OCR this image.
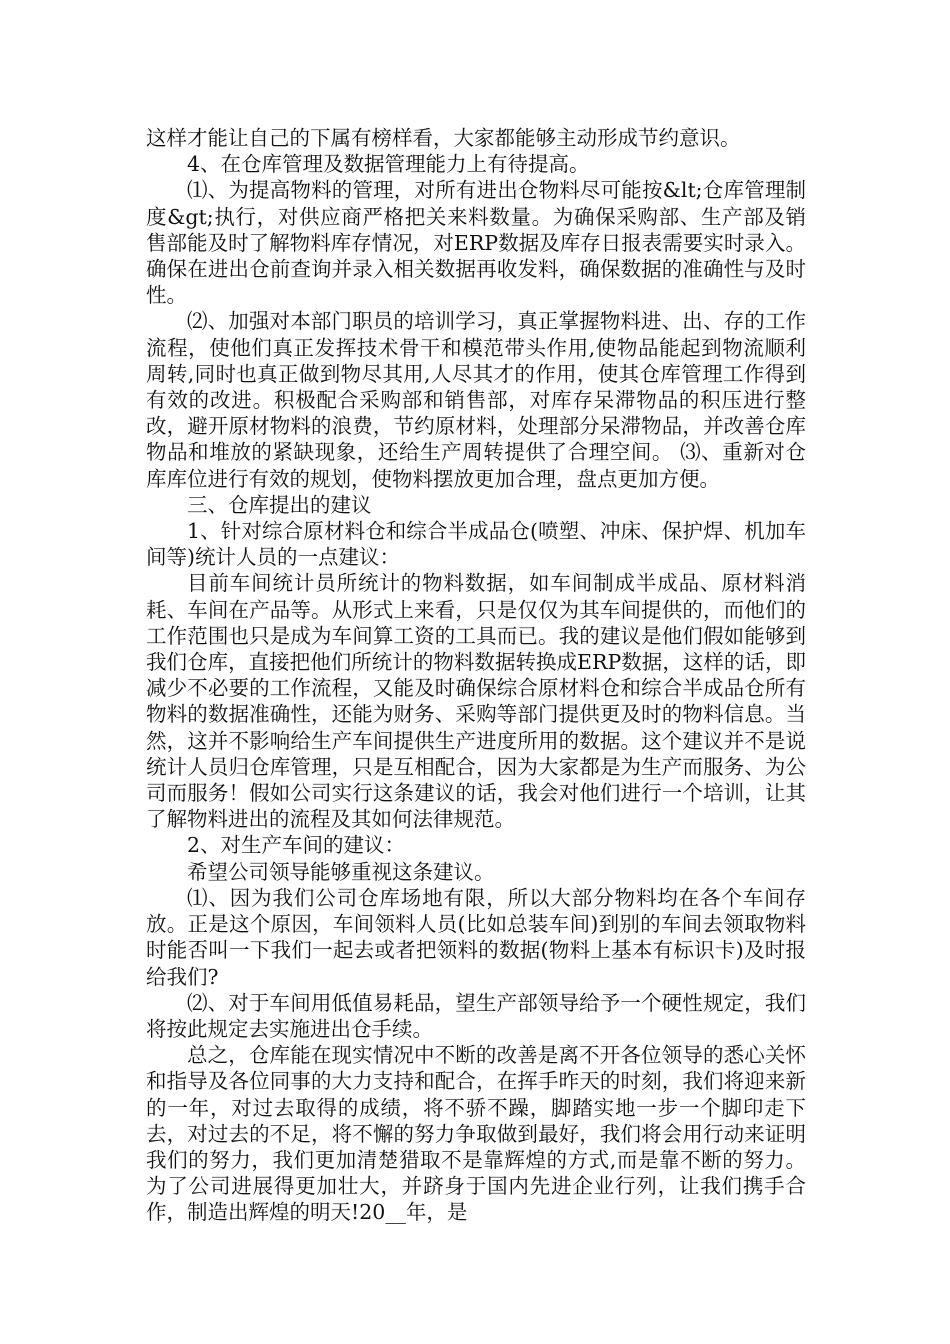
这样才能让自己的下属有榜样看，大家都能够主动形成节约意识。

4、在仓库管理及数据管理能力上有待提高。

⑴、为提高物料的管理，对所有进出仓物料尽可能按&lt;仓库管理制度&gt;执行，对供应商严格把关来料数量。为确保采购部、生产部及销售部能及时了解物料库存情况，对ERP数据及库存日报表需要实时录入。确保在进出仓前查询并录入相关数据再收发料，确保数据的准确性与及时性。

⑵、加强对本部门职员的培训学习，真正掌握物料进、出、存的工作流程，使他们真正发挥技术骨干和模范带头作用,使物品能起到物流顺利周转,同时也真正做到物尽其用,人尽其才的作用，使其仓库管理工作得到有效的改进。积极配合采购部和销售部，对库存呆滞物品的积压进行整改，避开原材物料的浪费，节约原材料，处理部分呆滞物品，并改善仓库物品和堆放的紧缺现象，还给生产周转提供了合理空间。 ⑶、重新对仓库库位进行有效的规划，使物料摆放更加合理，盘点更加方便。

三、仓库提出的建议

1、针对综合原材料仓和综合半成品仓(喷塑、冲床、保护焊、机加车间等)统计人员的一点建议：

目前车间统计员所统计的物料数据，如车间制成半成品、原材料消耗、车间在产品等。从形式上来看，只是仅仅为其车间提供的，而他们的工作范围也只是成为车间算工资的工具而已。我的建议是他们假如能够到我们仓库，直接把他们所统计的物料数据转换成ERP数据，这样的话，即减少不必要的工作流程，又能及时确保综合原材料仓和综合半成品仓所有物料的数据准确性，还能为财务、采购等部门提供更及时的物料信息。当然，这并不影响给生产车间提供生产进度所用的数据。这个建议并不是说统计人员归仓库管理，只是互相配合，因为大家都是为生产而服务、为公司而服务！假如公司实行这条建议的话，我会对他们进行一个培训，让其了解物料进出的流程及其如何法律规范。

2、对生产车间的建议：

希望公司领导能够重视这条建议。

⑴、因为我们公司仓库场地有限，所以大部分物料均在各个车间存放。正是这个原因，车间领料人员(比如总装车间)到别的车间去领取物料时能否叫一下我们一起去或者把领料的数据(物料上基本有标识卡)及时报给我们?

⑵、对于车间用低值易耗品，望生产部领导给予一个硬性规定，我们将按此规定去实施进出仓手续。

总之，仓库能在现实情况中不断的改善是离不开各位领导的悉心关怀和指导及各位同事的大力支持和配合，在挥手昨天的时刻，我们将迎来新的一年，对过去取得的成绩，将不骄不躁，脚踏实地一步一个脚印走下去，对过去的不足，将不懈的努力争取做到最好，我们将会用行动来证明我们的努力，我们更加清楚猎取不是靠辉煌的方式,而是靠不断的努力。为了公司进展得更加壮大，并跻身于国内先进企业行列，让我们携手合作，制造出辉煌的明天!20__年，是
